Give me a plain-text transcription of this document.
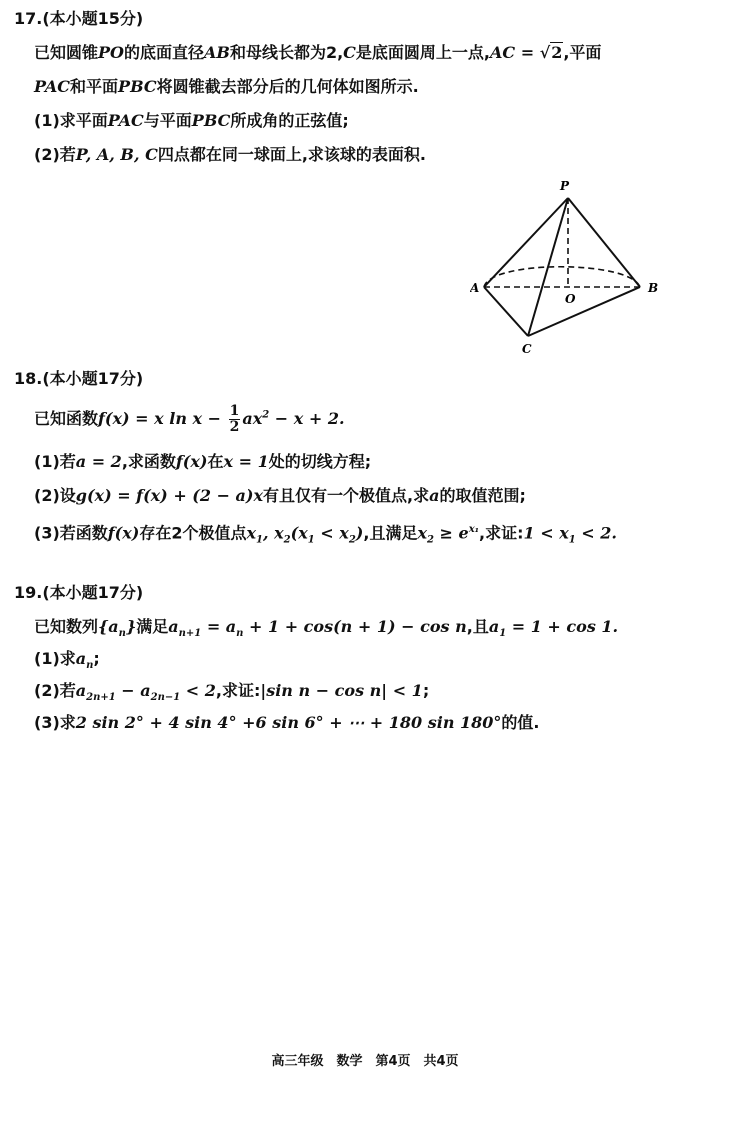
17.(本小题15分)
已知圆锥PO的底面直径AB和母线长都为2,C是底面圆周上一点,AC = √2,平面
PAC和平面PBC将圆锥截去部分后的几何体如图所示.
(1)求平面PAC与平面PBC所成角的正弦值;
(2)若P, A, B, C四点都在同一球面上,求该球的表面积.
P
A	B
C
O
18.(本小题17分)
已知函数f(x) = x $\ln x - \frac{1}{2} ax^2 - x + 2$.
(1)若a = 2,求函数f(x)在x = 1处的切线方程;
(2)设g(x) = f(x) + (2 − a)x有且仅有一个极值点,求a的取值范围;
(3)若函数f(x)存在2个极值点$x_1$, $x_2(x_1 < x_2)$,且满足$x_2 \ge e^{x_1}$,求证:1 < $x_1 < 2$.
19.(本小题17分)
已知数列$\{a_n\}$满足$a_{n+1} = a_n + 1 + \cos(n + 1) - \cos n$,且$a_1 = 1 + \cos 1$.
(1)求$a_n$;
(2)若$a_{2n+1} - a_{2n-1} < 2$,求证:|sin n − cos n| < 1;
(3)求2 sin 2° + 4 sin 4° +6 sin 6° + ⋯ + 180 sin 180°的值.
高三年级　数学　第4页　共4页
